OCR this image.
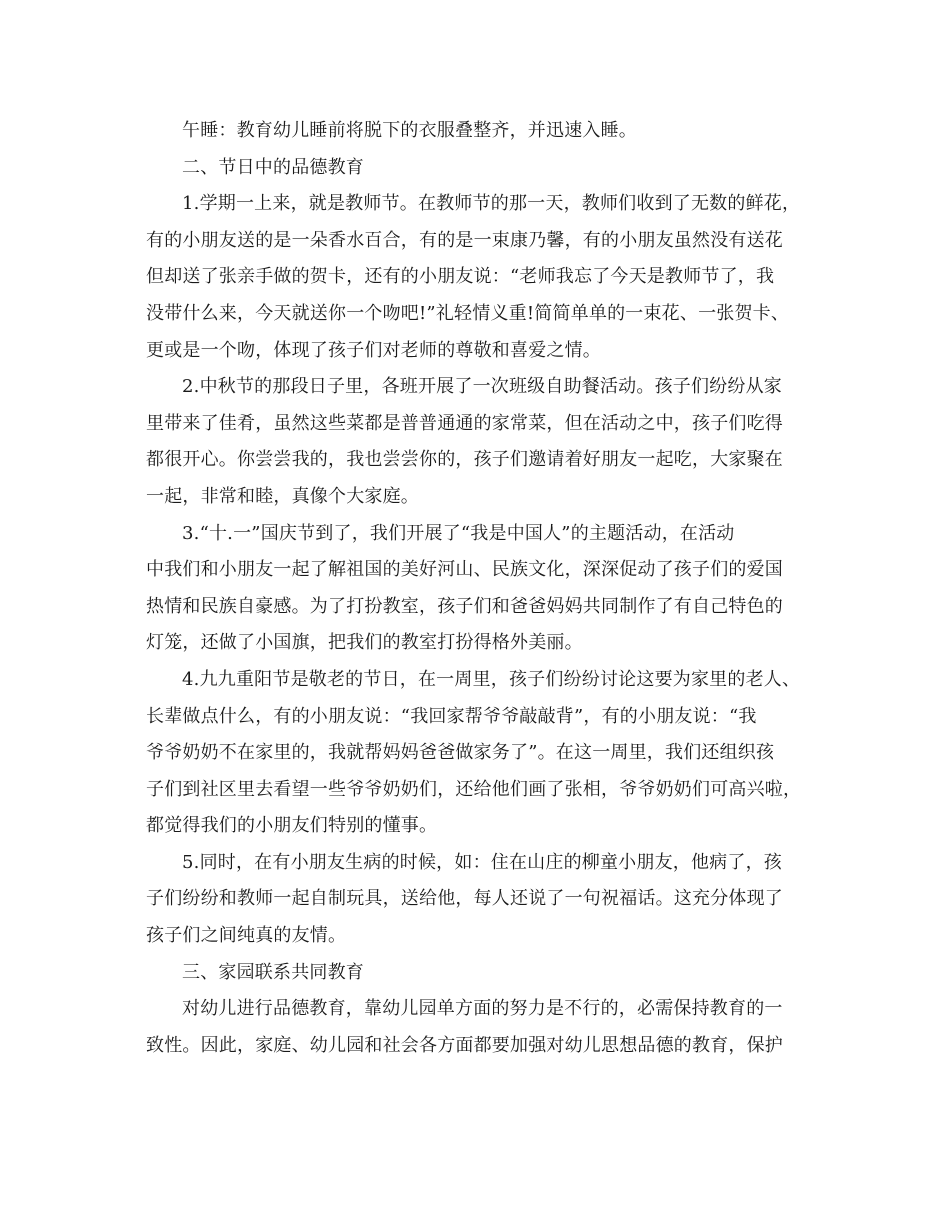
午睡：教育幼儿睡前将脱下的衣服叠整齐，并迅速入睡。
二、节日中的品德教育
1.学期一上来，就是教师节。在教师节的那一天，教师们收到了无数的鲜花，
有的小朋友送的是一朵香水百合，有的是一束康乃馨，有的小朋友虽然没有送花
但却送了张亲手做的贺卡，还有的小朋友说：“老师我忘了今天是教师节了，我
没带什么来，今天就送你一个吻吧!”礼轻情义重!简简单单的一束花、一张贺卡、
更或是一个吻，体现了孩子们对老师的尊敬和喜爱之情。
2.中秋节的那段日子里，各班开展了一次班级自助餐活动。孩子们纷纷从家
里带来了佳肴，虽然这些菜都是普普通通的家常菜，但在活动之中，孩子们吃得
都很开心。你尝尝我的，我也尝尝你的，孩子们邀请着好朋友一起吃，大家聚在
一起，非常和睦，真像个大家庭。
3.“十.一”国庆节到了，我们开展了“我是中国人”的主题活动，在活动
中我们和小朋友一起了解祖国的美好河山、民族文化，深深促动了孩子们的爱国
热情和民族自豪感。为了打扮教室，孩子们和爸爸妈妈共同制作了有自己特色的
灯笼，还做了小国旗，把我们的教室打扮得格外美丽。
4.九九重阳节是敬老的节日，在一周里，孩子们纷纷讨论这要为家里的老人、
长辈做点什么，有的小朋友说：“我回家帮爷爷敲敲背”，有的小朋友说：“我
爷爷奶奶不在家里的，我就帮妈妈爸爸做家务了”。在这一周里，我们还组织孩
子们到社区里去看望一些爷爷奶奶们，还给他们画了张相，爷爷奶奶们可高兴啦，
都觉得我们的小朋友们特别的懂事。
5.同时，在有小朋友生病的时候，如：住在山庄的柳童小朋友，他病了，孩
子们纷纷和教师一起自制玩具，送给他，每人还说了一句祝福话。这充分体现了
孩子们之间纯真的友情。
三、家园联系共同教育
对幼儿进行品德教育，靠幼儿园单方面的努力是不行的，必需保持教育的一
致性。因此，家庭、幼儿园和社会各方面都要加强对幼儿思想品德的教育，保护
